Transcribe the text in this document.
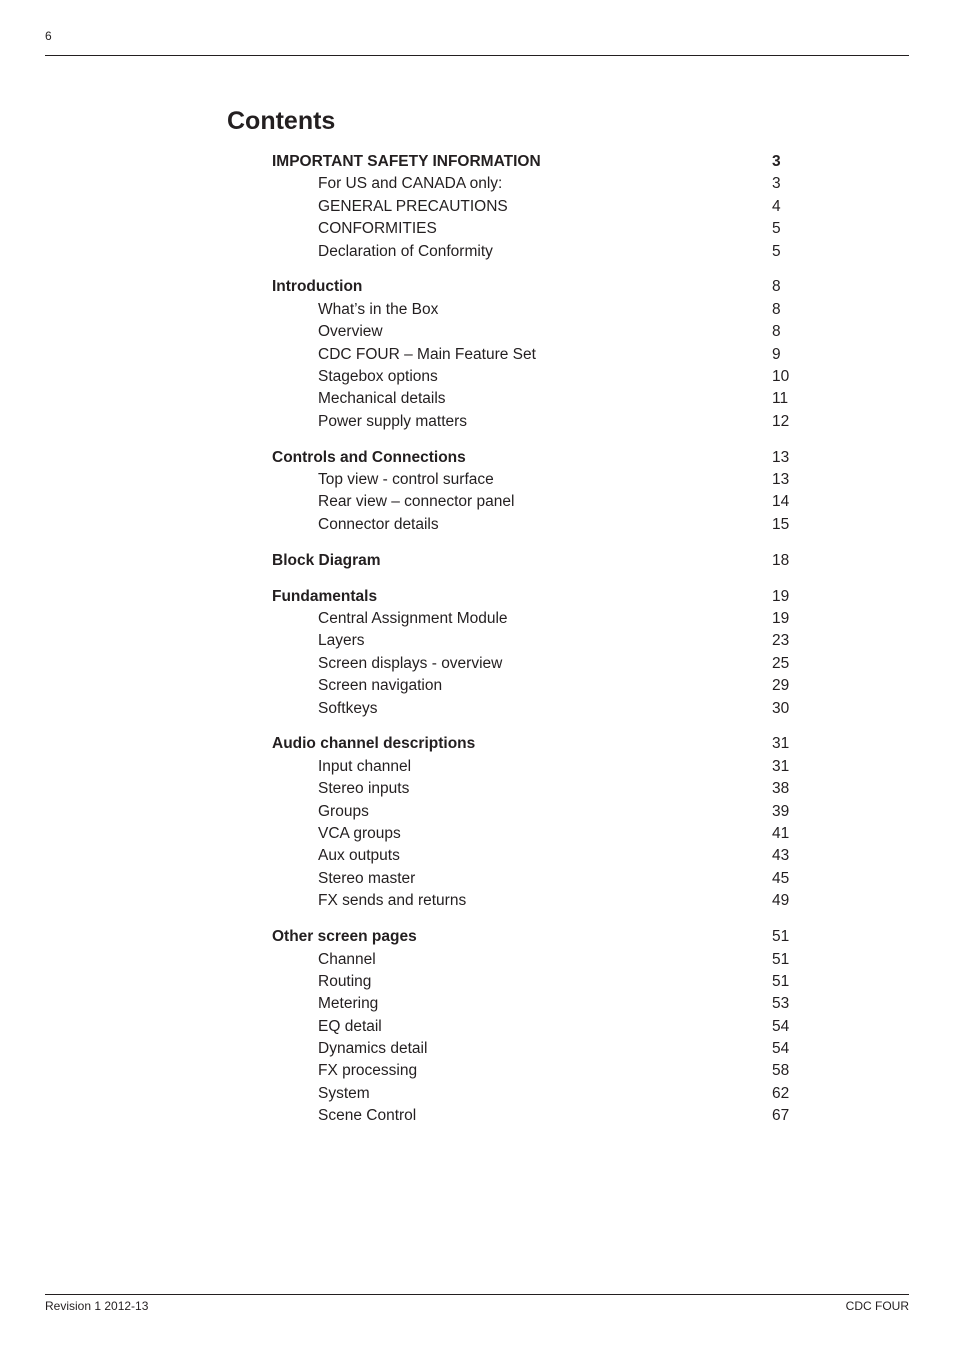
6
Contents
IMPORTANT SAFETY INFORMATION	3
For US and CANADA only:	3
GENERAL PRECAUTIONS	4
CONFORMITIES	5
Declaration of Conformity	5
Introduction	8
What’s in the Box	8
Overview	8
CDC FOUR – Main Feature Set	9
Stagebox options	10
Mechanical details	11
Power supply matters	12
Controls and Connections	13
Top view - control surface	13
Rear view – connector panel	14
Connector details	15
Block Diagram	18
Fundamentals	19
Central Assignment Module	19
Layers	23
Screen displays - overview	25
Screen navigation	29
Softkeys	30
Audio channel descriptions	31
Input channel	31
Stereo inputs	38
Groups	39
VCA groups	41
Aux outputs	43
Stereo master	45
FX sends and returns	49
Other screen pages	51
Channel	51
Routing	51
Metering	53
EQ detail	54
Dynamics detail	54
FX processing	58
System	62
Scene Control	67
Revision 1 2012-13	CDC FOUR
